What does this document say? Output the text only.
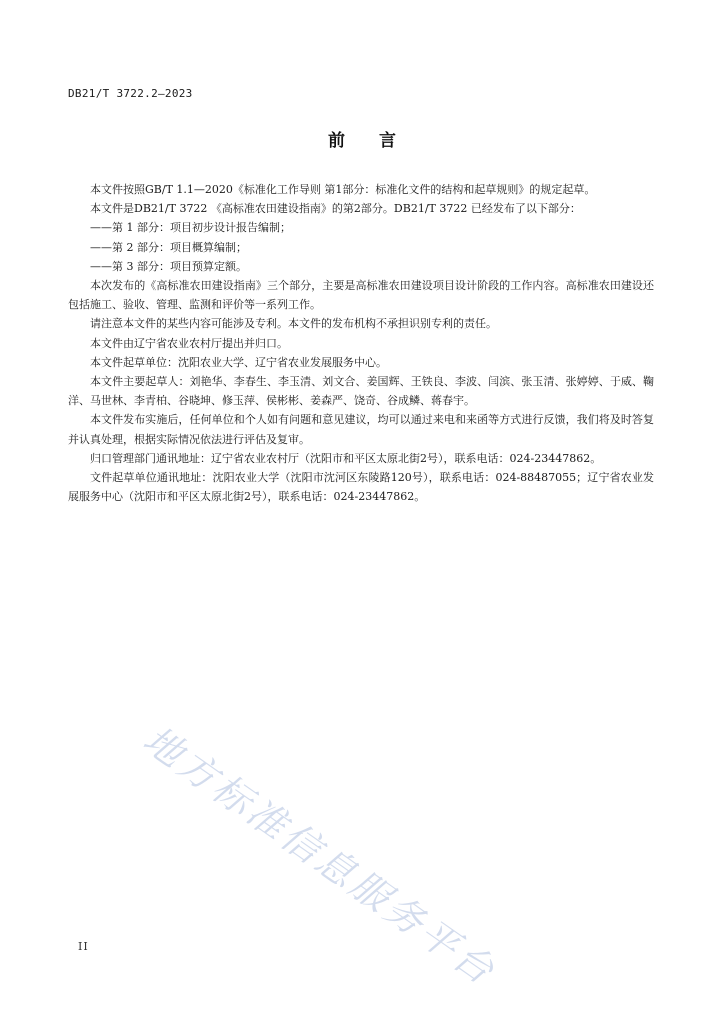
DB21/T 3722.2—2023
前言

本文件按照GB/T 1.1—2020《标准化工作导则 第1部分：标准化文件的结构和起草规则》的规定起草。

本文件是DB21/T 3722 《高标准农田建设指南》的第2部分。DB21/T 3722 已经发布了以下部分：

——第 1 部分：项目初步设计报告编制；

——第 2 部分：项目概算编制；

——第 3 部分：项目预算定额。

本次发布的《高标准农田建设指南》三个部分，主要是高标准农田建设项目设计阶段的工作内容。高标准农田建设还包括施工、验收、管理、监测和评价等一系列工作。

请注意本文件的某些内容可能涉及专利。本文件的发布机构不承担识别专利的责任。

本文件由辽宁省农业农村厅提出并归口。

本文件起草单位：沈阳农业大学、辽宁省农业发展服务中心。

本文件主要起草人：刘艳华、李春生、李玉清、刘文合、姜国辉、王铁良、李波、闫滨、张玉清、张婷婷、于威、鞠洋、马世林、李青柏、谷晓坤、修玉萍、侯彬彬、姜森严、饶奇、谷成鳞、蒋春宇。

本文件发布实施后，任何单位和个人如有问题和意见建议，均可以通过来电和来函等方式进行反馈，我们将及时答复并认真处理，根据实际情况依法进行评估及复审。

归口管理部门通讯地址：辽宁省农业农村厅（沈阳市和平区太原北街2号），联系电话：024-23447862。

文件起草单位通讯地址：沈阳农业大学（沈阳市沈河区东陵路120号），联系电话：024-88487055；辽宁省农业发展服务中心（沈阳市和平区太原北街2号），联系电话：024-23447862。

地方标准信息服务平台
II
